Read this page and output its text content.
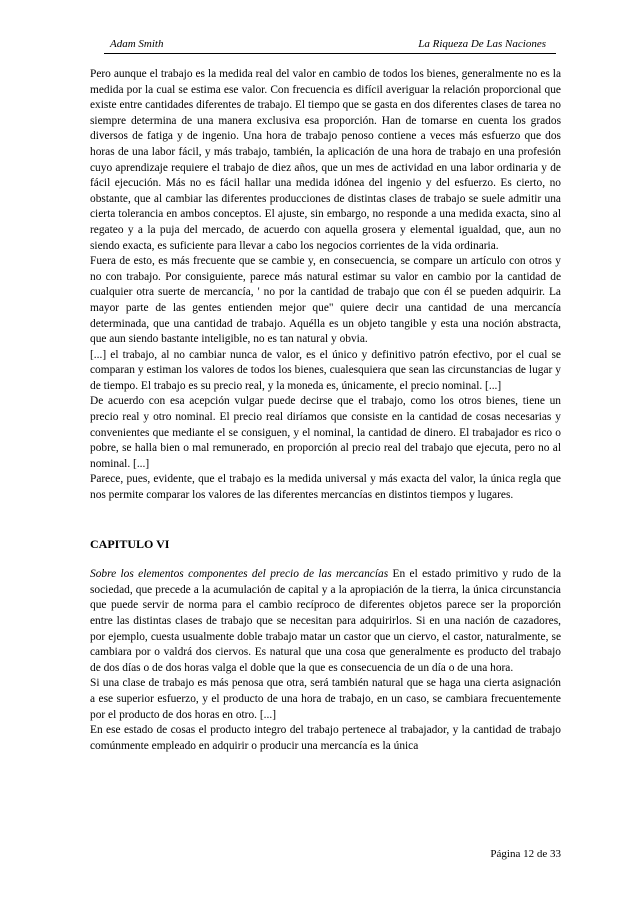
Adam Smith	La Riqueza De Las Naciones

Pero aunque el trabajo es la medida real del valor en cambio de todos los bienes, generalmente no es la medida por la cual se estima ese valor. Con frecuencia es difícil averiguar la relación proporcional que existe entre cantidades diferentes de trabajo. El tiempo que se gasta en dos diferentes clases de tarea no siempre determina de una manera exclusiva esa proporción. Han de tomarse en cuenta los grados diversos de fatiga y de ingenio. Una hora de trabajo penoso contiene a veces más esfuerzo que dos horas de una labor fácil, y más trabajo, también, la aplicación de una hora de trabajo en una profesión cuyo aprendizaje requiere el trabajo de diez años, que un mes de actividad en una labor ordinaria y de fácil ejecución. Más no es fácil hallar una medida idónea del ingenio y del esfuerzo. Es cierto, no obstante, que al cambiar las diferentes producciones de distintas clases de trabajo se suele admitir una cierta tolerancia en ambos conceptos. El ajuste, sin embargo, no responde a una medida exacta, sino al regateo y a la puja del mercado, de acuerdo con aquella grosera y elemental igualdad, que, aun no siendo exacta, es suficiente para llevar a cabo los negocios corrientes de la vida ordinaria.

Fuera de esto, es más frecuente que se cambie y, en consecuencia, se compare un artículo con otros y no con trabajo. Por consiguiente, parece más natural estimar su valor en cambio por la cantidad de cualquier otra suerte de mercancía, ' no por la cantidad de trabajo que con él se pueden adquirir. La mayor parte de las gentes entienden mejor que" quiere decir una cantidad de una mercancía determinada, que una cantidad de trabajo. Aquélla es un objeto tangible y esta una noción abstracta, que aun siendo bastante inteligible, no es tan natural y obvia.

[...] el trabajo, al no cambiar nunca de valor, es el único y definitivo patrón efectivo, por el cual se comparan y estiman los valores de todos los bienes, cualesquiera que sean las circunstancias de lugar y de tiempo. El trabajo es su precio real, y la moneda es, únicamente, el precio nominal. [...]

De acuerdo con esa acepción vulgar puede decirse que el trabajo, como los otros bienes, tiene un precio real y otro nominal. El precio real diríamos que consiste en la cantidad de cosas necesarias y convenientes que mediante el se consiguen, y el nominal, la cantidad de dinero. El trabajador es rico o pobre, se halla bien o mal remunerado, en proporción al precio real del trabajo que ejecuta, pero no al nominal. [...]

Parece, pues, evidente, que el trabajo es la medida universal y más exacta del valor, la única regla que nos permite comparar los valores de las diferentes mercancías en distintos tiempos y lugares.

CAPITULO VI

Sobre los elementos componentes del precio de las mercancías En el estado primitivo y rudo de la sociedad, que precede a la acumulación de capital y a la apropiación de la tierra, la única circunstancia que puede servir de norma para el cambio recíproco de diferentes objetos parece ser la proporción entre las distintas clases de trabajo que se necesitan para adquirirlos. Si en una nación de cazadores, por ejemplo, cuesta usualmente doble trabajo matar un castor que un ciervo, el castor, naturalmente, se cambiara por o valdrá dos ciervos. Es natural que una cosa que generalmente es producto del trabajo de dos días o de dos horas valga el doble que la que es consecuencia de un día o de una hora.

Si una clase de trabajo es más penosa que otra, será también natural que se haga una cierta asignación a ese superior esfuerzo, y el producto de una hora de trabajo, en un caso, se cambiara frecuentemente por el producto de dos horas en otro. [...]

En ese estado de cosas el producto integro del trabajo pertenece al trabajador, y la cantidad de trabajo comúnmente empleado en adquirir o producir una mercancía es la única

Página 12 de 33
